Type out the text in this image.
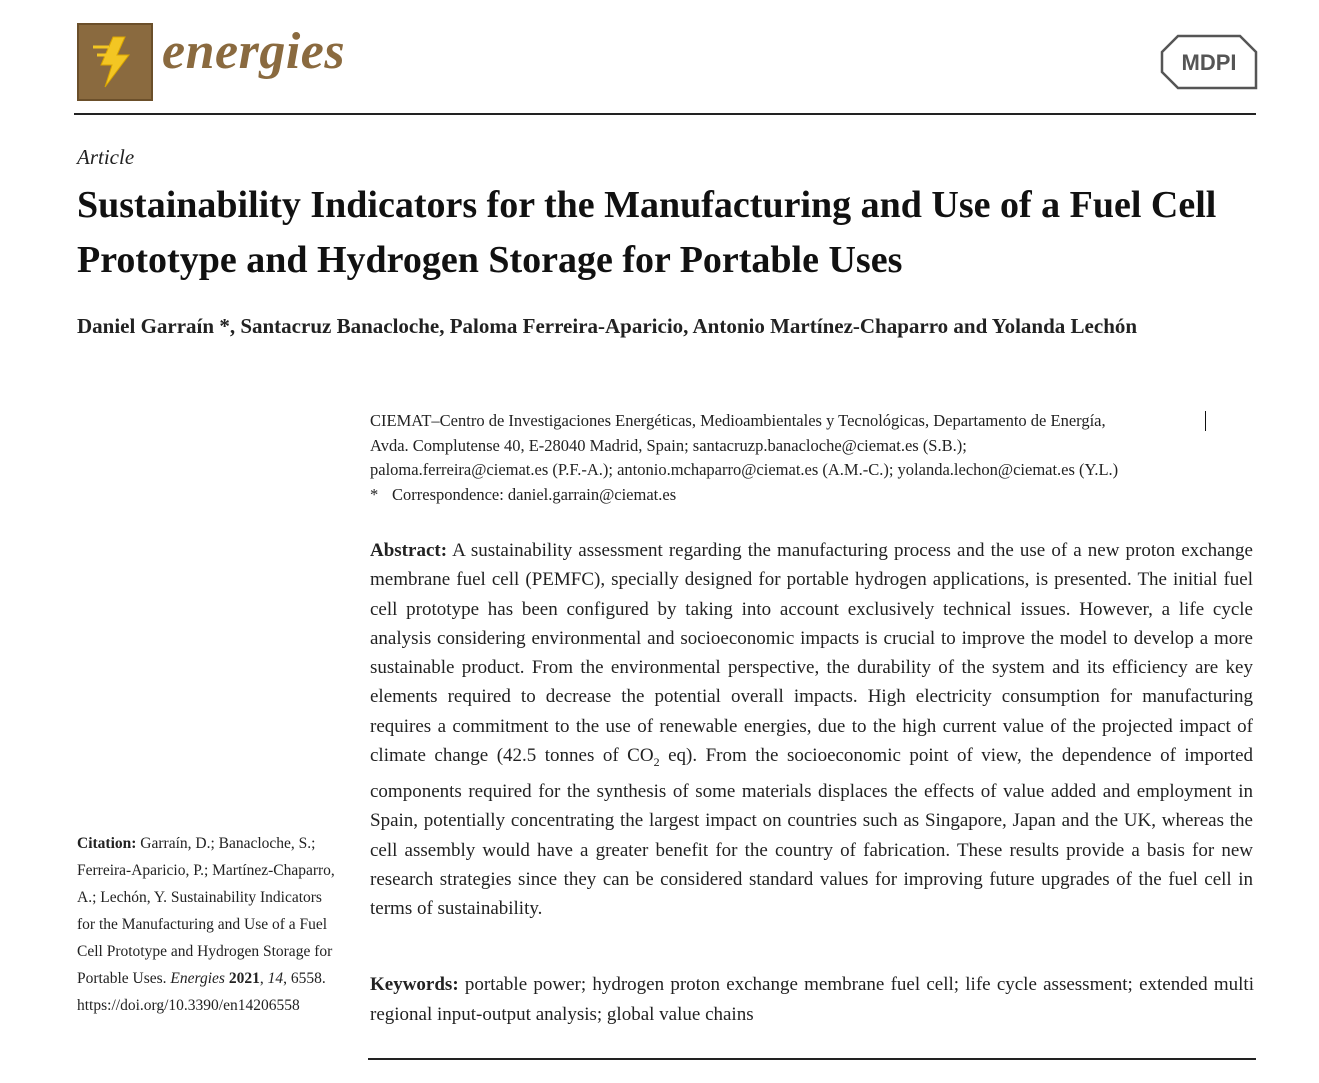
energies	MDPI
Article
Sustainability Indicators for the Manufacturing and Use of a Fuel Cell Prototype and Hydrogen Storage for Portable Uses
Daniel Garraín *, Santacruz Banacloche, Paloma Ferreira-Aparicio, Antonio Martínez-Chaparro and Yolanda Lechón
CIEMAT–Centro de Investigaciones Energéticas, Medioambientales y Tecnológicas, Departamento de Energía,
Avda. Complutense 40, E-28040 Madrid, Spain; santacruzp.banacloche@ciemat.es (S.B.);
paloma.ferreira@ciemat.es (P.F.-A.); antonio.mchaparro@ciemat.es (A.M.-C.); yolanda.lechon@ciemat.es (Y.L.)
* Correspondence: daniel.garrain@ciemat.es
Abstract: A sustainability assessment regarding the manufacturing process and the use of a new proton exchange membrane fuel cell (PEMFC), specially designed for portable hydrogen applications, is presented. The initial fuel cell prototype has been configured by taking into account exclusively technical issues. However, a life cycle analysis considering environmental and socioeconomic impacts is crucial to improve the model to develop a more sustainable product. From the environmental perspective, the durability of the system and its efficiency are key elements required to decrease the potential overall impacts. High electricity consumption for manufacturing requires a commitment to the use of renewable energies, due to the high current value of the projected impact of climate change (42.5 tonnes of $CO_2$ eq). From the socioeconomic point of view, the dependence of imported components required for the synthesis of some materials displaces the effects of value added and employment in Spain, potentially concentrating the largest impact on countries such as Singapore, Japan and the UK, whereas the cell assembly would have a greater benefit for the country of fabrication. These results provide a basis for new research strategies since they can be considered standard values for improving future upgrades of the fuel cell in terms of sustainability.
Keywords: portable power; hydrogen proton exchange membrane fuel cell; life cycle assessment; extended multi regional input-output analysis; global value chains
Citation: Garraín, D.; Banacloche, S.; Ferreira-Aparicio, P.; Martínez-Chaparro, A.; Lechón, Y. Sustainability Indicators for the Manufacturing and Use of a Fuel Cell Prototype and Hydrogen Storage for Portable Uses. Energies 2021, 14, 6558. https://doi.org/10.3390/en14206558
